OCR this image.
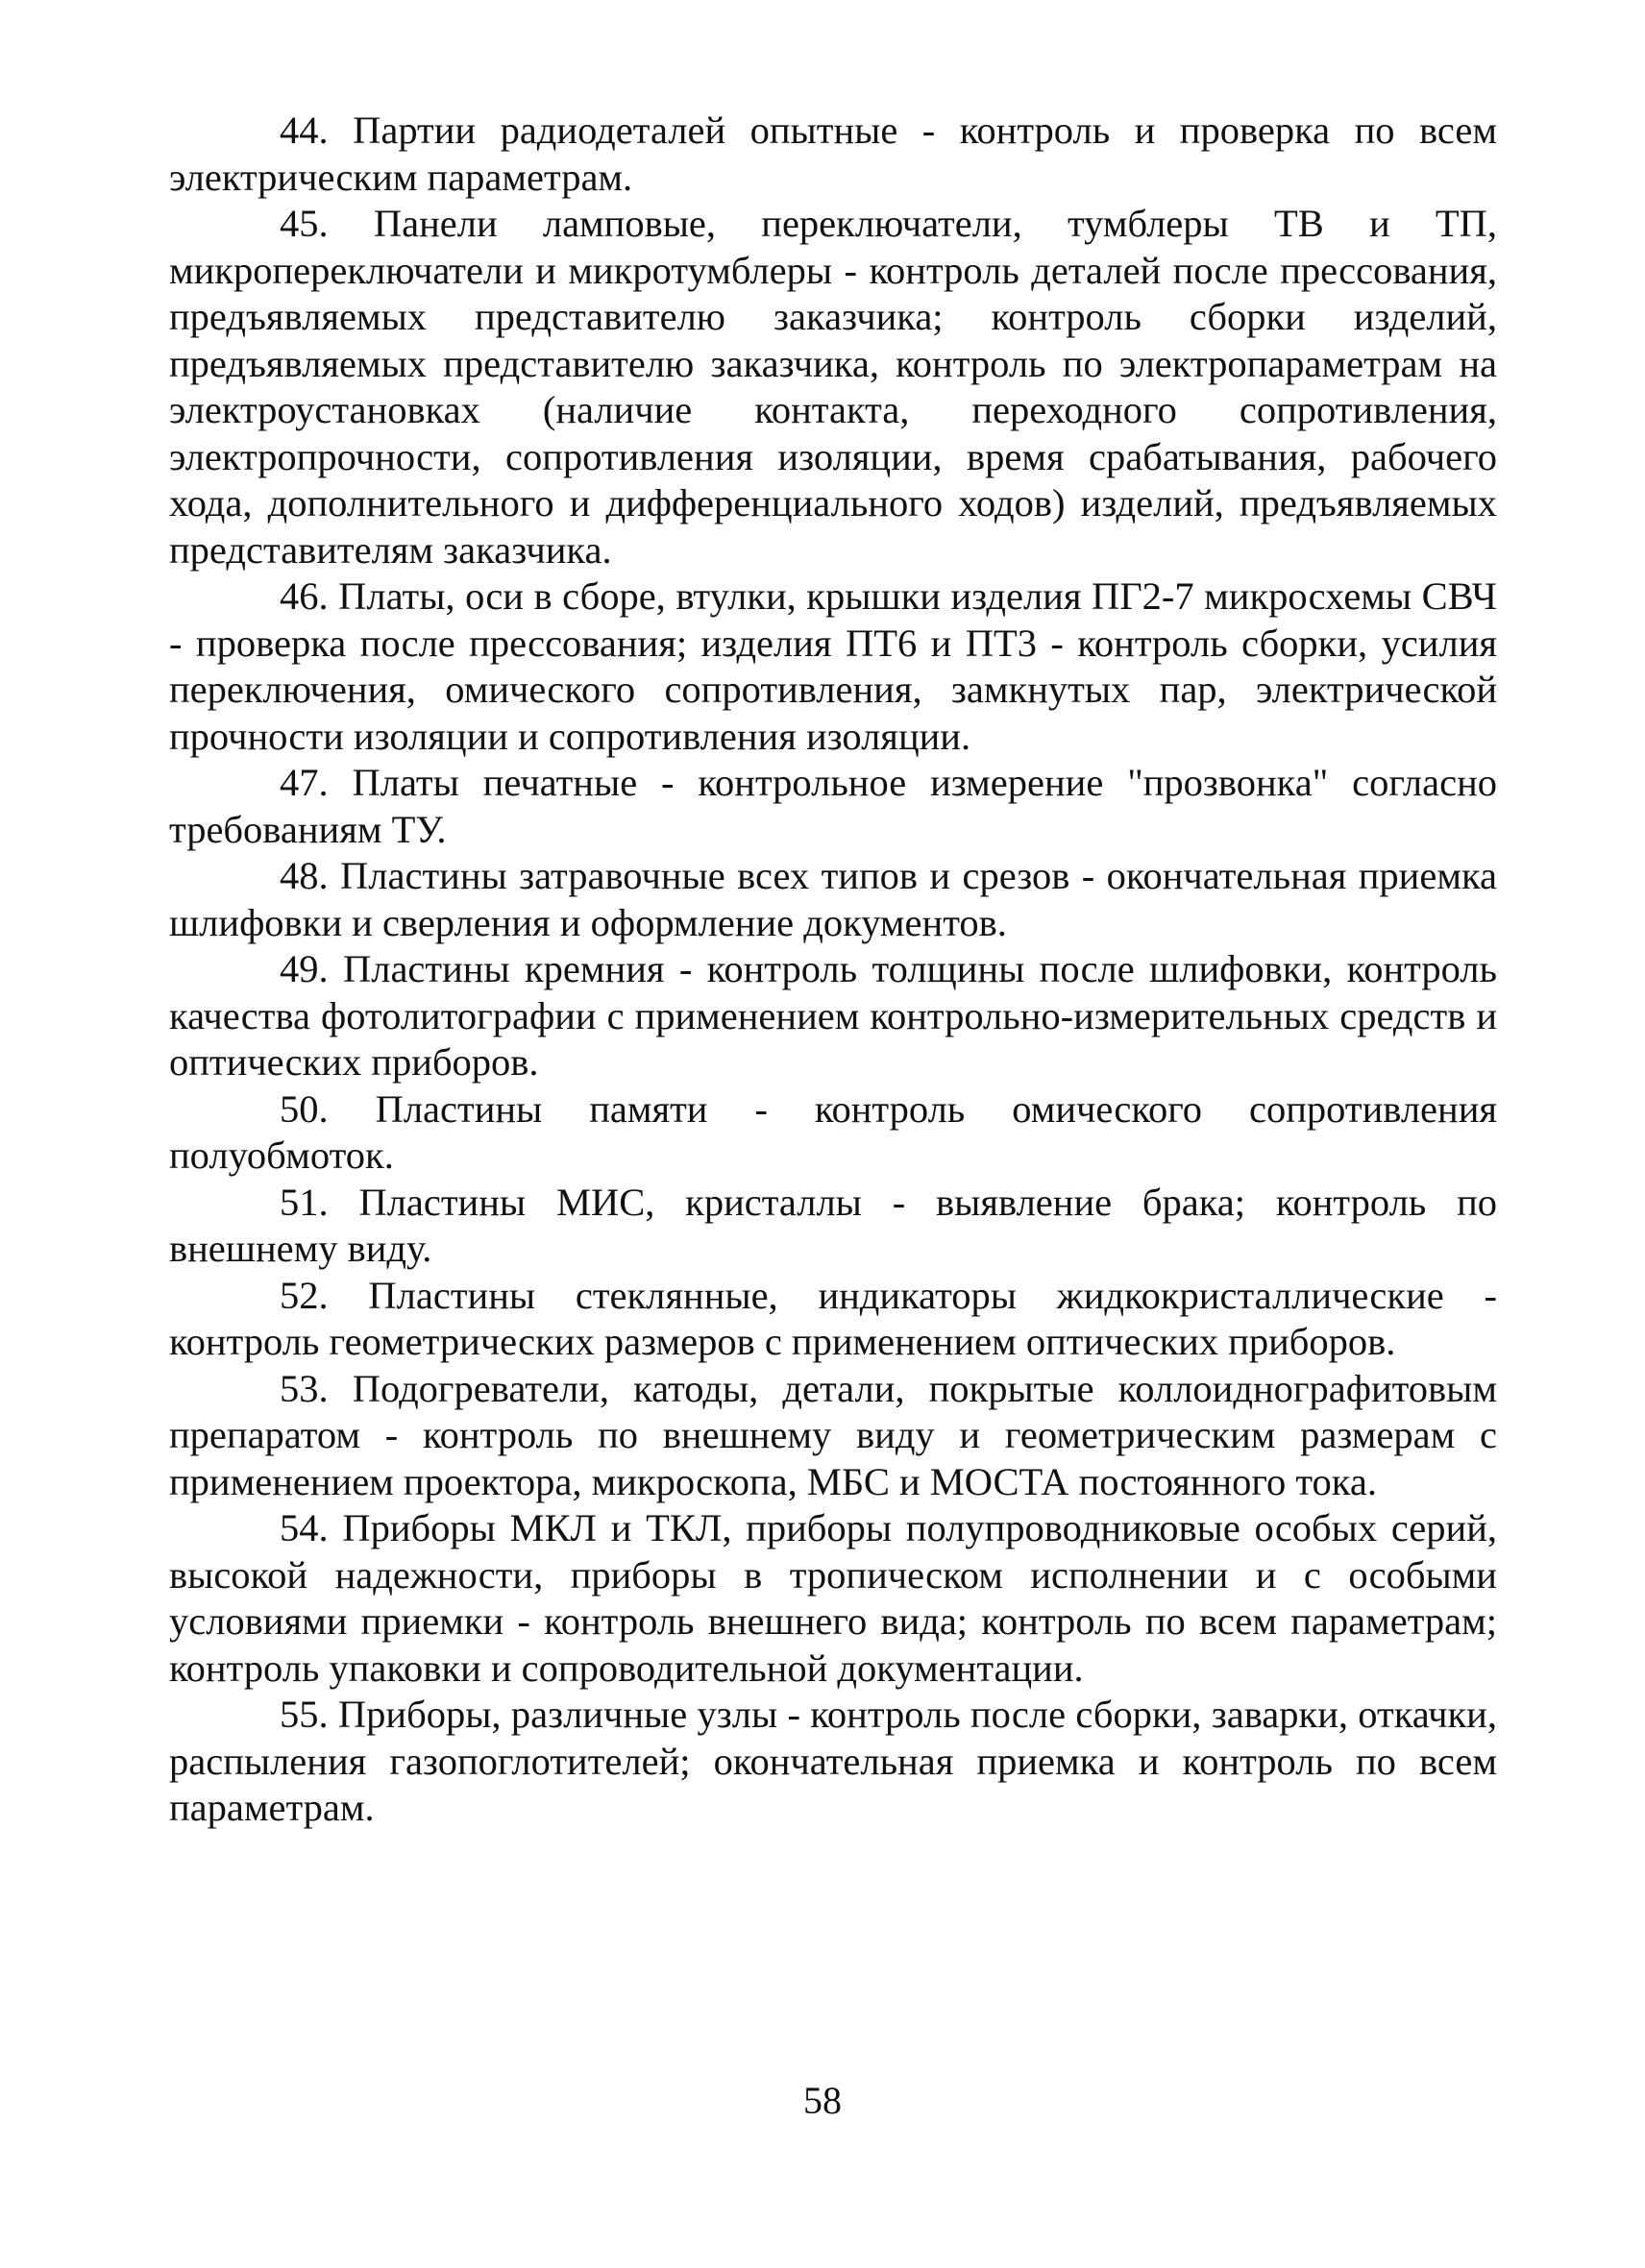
44. Партии радиодеталей опытные - контроль и проверка по всем электрическим параметрам.

45. Панели ламповые, переключатели, тумблеры ТВ и ТП, микропереключатели и микротумблеры - контроль деталей после прессования, предъявляемых представителю заказчика; контроль сборки изделий, предъявляемых представителю заказчика, контроль по электропараметрам на электроустановках (наличие контакта, переходного сопротивления, электропрочности, сопротивления изоляции, время срабатывания, рабочего хода, дополнительного и дифференциального ходов) изделий, предъявляемых представителям заказчика.

46. Платы, оси в сборе, втулки, крышки изделия ПГ2-7 микросхемы СВЧ - проверка после прессования; изделия ПТ6 и ПТ3 - контроль сборки, усилия переключения, омического сопротивления, замкнутых пар, электрической прочности изоляции и сопротивления изоляции.

47. Платы печатные - контрольное измерение "прозвонка" согласно требованиям ТУ.

48. Пластины затравочные всех типов и срезов - окончательная приемка шлифовки и сверления и оформление документов.

49. Пластины кремния - контроль толщины после шлифовки, контроль качества фотолитографии с применением контрольно-измерительных средств и оптических приборов.

50. Пластины памяти - контроль омического сопротивления полуобмоток.

51. Пластины МИС, кристаллы - выявление брака; контроль по внешнему виду.

52. Пластины стеклянные, индикаторы жидкокристаллические - контроль геометрических размеров с применением оптических приборов.

53. Подогреватели, катоды, детали, покрытые коллоиднографитовым препаратом - контроль по внешнему виду и геометрическим размерам с применением проектора, микроскопа, МБС и МОСТА постоянного тока.

54. Приборы МКЛ и ТКЛ, приборы полупроводниковые особых серий, высокой надежности, приборы в тропическом исполнении и с особыми условиями приемки - контроль внешнего вида; контроль по всем параметрам; контроль упаковки и сопроводительной документации.

55. Приборы, различные узлы - контроль после сборки, заварки, откачки, распыления газопоглотителей; окончательная приемка и контроль по всем параметрам.

58
